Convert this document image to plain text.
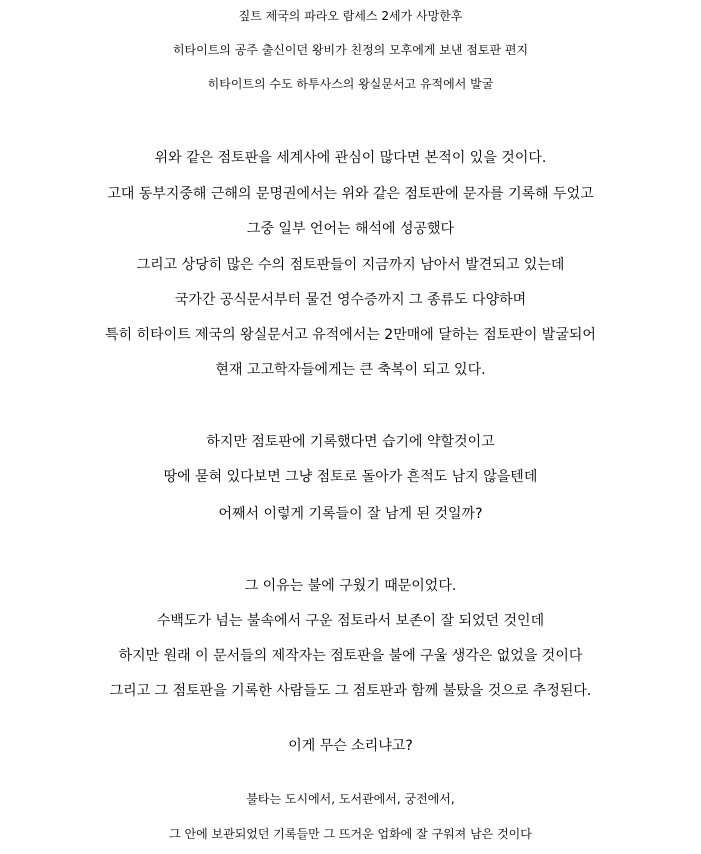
짚트 제국의 파라오 람세스 2세가 사망한후
히타이트의 공주 출신이던 왕비가 친정의 모후에게 보낸 점토판 편지
히타이트의 수도 하투사스의 왕실문서고 유적에서 발굴
위와 같은 점토판을 세계사에 관심이 많다면 본적이 있을 것이다.
고대 동부지중해 근해의 문명권에서는 위와 같은 점토판에 문자를 기록해 두었고
그중 일부 언어는 해석에 성공했다
그리고 상당히 많은 수의 점토판들이 지금까지 남아서 발견되고 있는데
국가간 공식문서부터 물건 영수증까지 그 종류도 다양하며
특히 히타이트 제국의 왕실문서고 유적에서는 2만매에 달하는 점토판이 발굴되어
현재 고고학자들에게는 큰 축복이 되고 있다.
하지만 점토판에 기록했다면 습기에 약할것이고
땅에 묻혀 있다보면 그냥 점토로 돌아가 흔적도 남지 않을텐데
어째서 이렇게 기록들이 잘 남게 된 것일까?
그 이유는 불에 구웠기 때문이었다.
수백도가 넘는 불속에서 구운 점토라서 보존이 잘 되었던 것인데
하지만 원래 이 문서들의 제작자는 점토판을 불에 구울 생각은 없었을 것이다
그리고 그 점토판을 기록한 사람들도 그 점토판과 함께 불탔을 것으로 추정된다.
이게 무슨 소리냐고?
불타는 도시에서, 도서관에서, 궁전에서,
그 안에 보관되었던 기록들만 그 뜨거운 업화에 잘 구워져 남은 것이다
